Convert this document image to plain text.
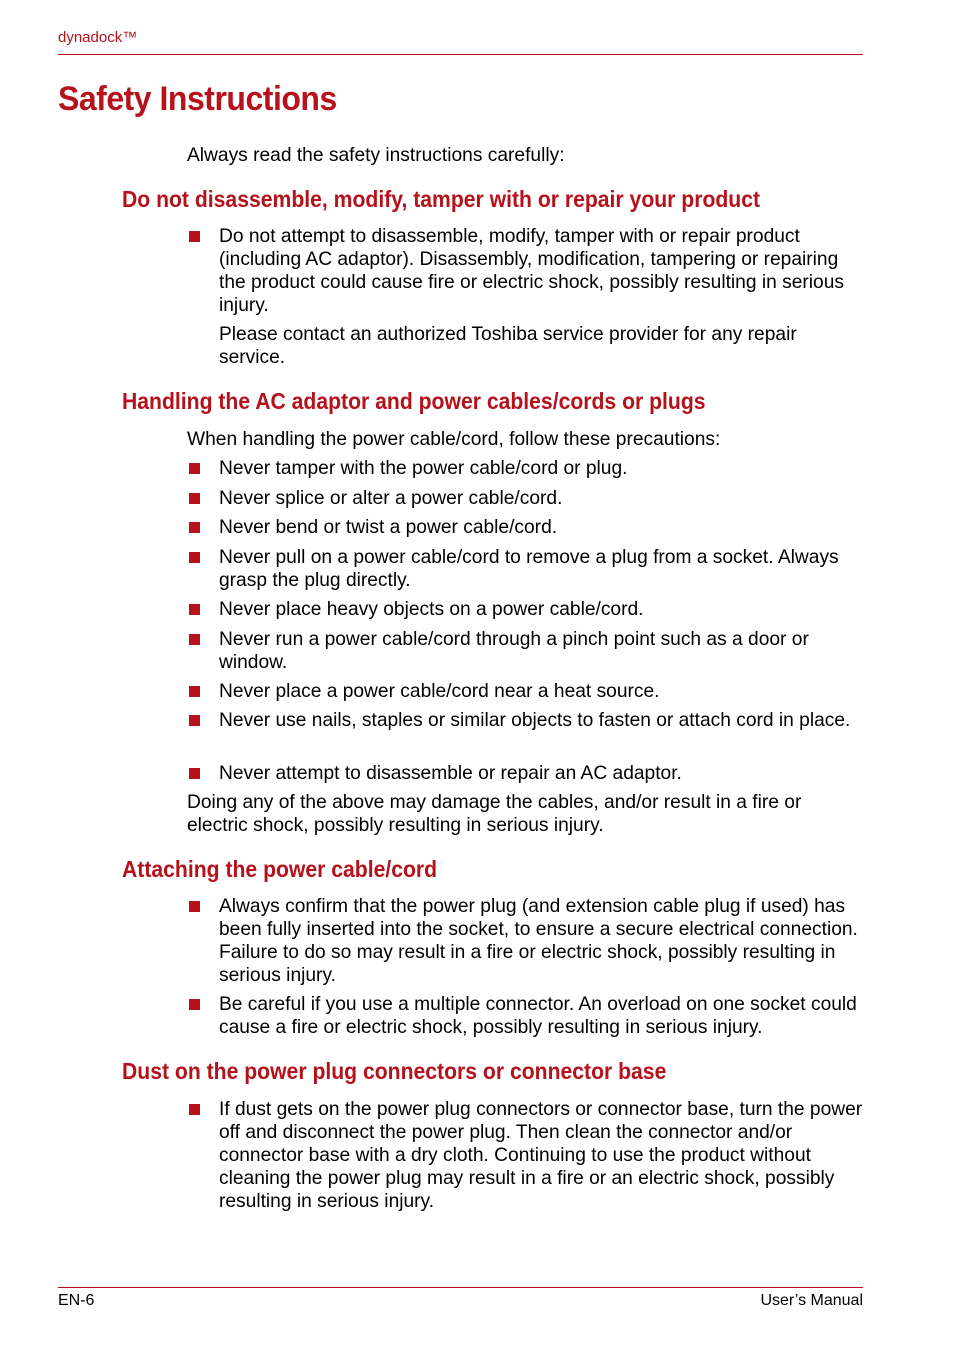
dynadock™
Safety Instructions

Always read the safety instructions carefully:

Do not disassemble, modify, tamper with or repair your product
Do not attempt to disassemble, modify, tamper with or repair product (including AC adaptor). Disassembly, modification, tampering or repairing the product could cause fire or electric shock, possibly resulting in serious injury.

Please contact an authorized Toshiba service provider for any repair service.

Handling the AC adaptor and power cables/cords or plugs

When handling the power cable/cord, follow these precautions:

Never tamper with the power cable/cord or plug.
Never splice or alter a power cable/cord.
Never bend or twist a power cable/cord.
Never pull on a power cable/cord to remove a plug from a socket. Always grasp the plug directly.
Never place heavy objects on a power cable/cord.
Never run a power cable/cord through a pinch point such as a door or window.
Never place a power cable/cord near a heat source.
Never use nails, staples or similar objects to fasten or attach cord in place.
Never attempt to disassemble or repair an AC adaptor.

Doing any of the above may damage the cables, and/or result in a fire or electric shock, possibly resulting in serious injury.

Attaching the power cable/cord
Always confirm that the power plug (and extension cable plug if used) has been fully inserted into the socket, to ensure a secure electrical connection. Failure to do so may result in a fire or electric shock, possibly resulting in serious injury.
Be careful if you use a multiple connector. An overload on one socket could cause a fire or electric shock, possibly resulting in serious injury.
Dust on the power plug connectors or connector base
If dust gets on the power plug connectors or connector base, turn the power off and disconnect the power plug. Then clean the connector and/or connector base with a dry cloth. Continuing to use the product without cleaning the power plug may result in a fire or an electric shock, possibly resulting in serious injury.
EN-6	User’s Manual
